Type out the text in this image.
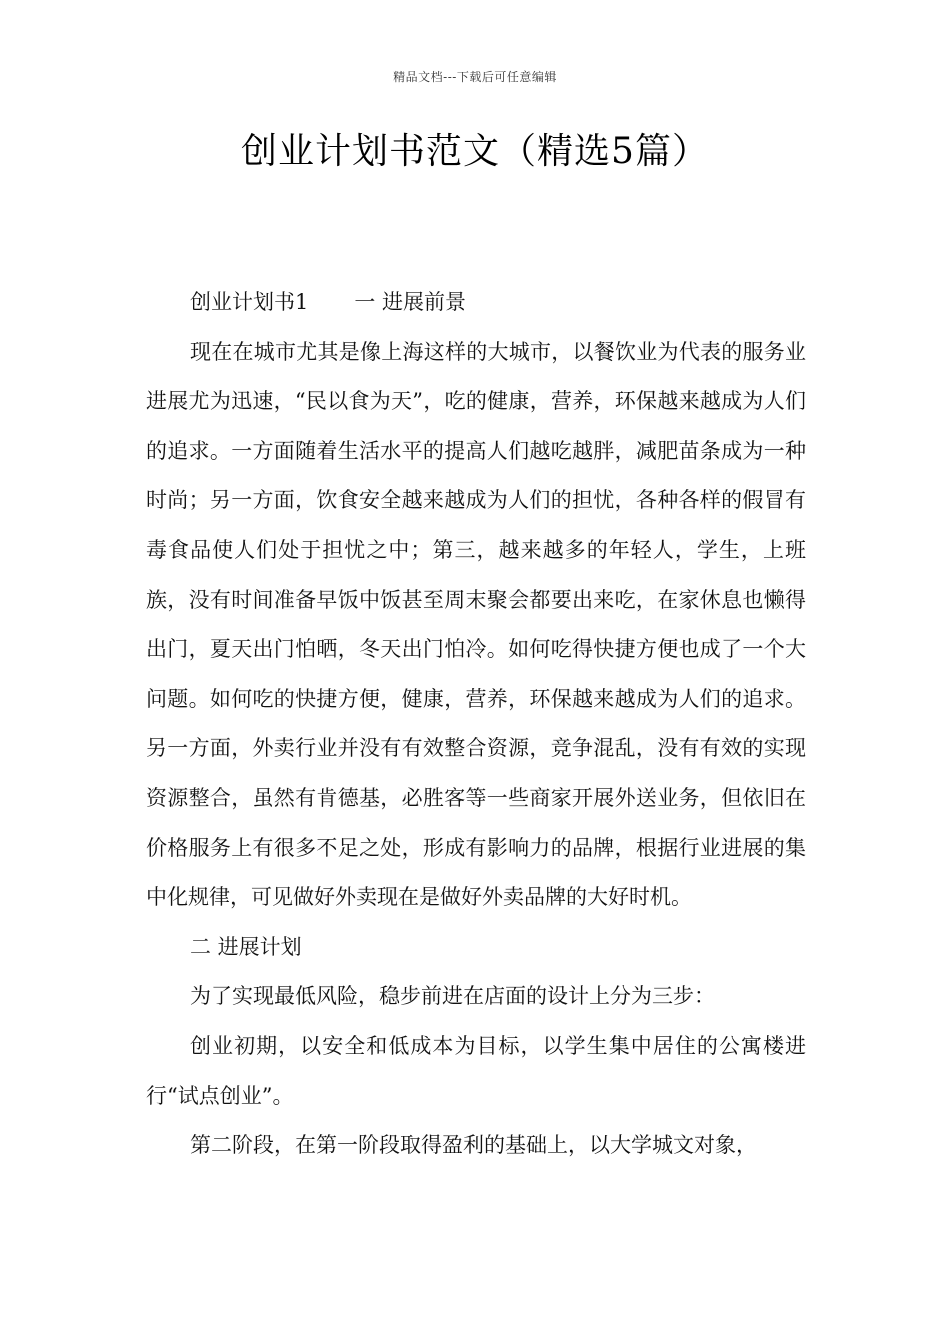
精品文档---下载后可任意编辑
创业计划书范文（精选5篇）

创业计划书1 一 进展前景

现在在城市尤其是像上海这样的大城市，以餐饮业为代表的服务业进展尤为迅速，“民以食为天”，吃的健康，营养，环保越来越成为人们的追求。一方面随着生活水平的提高人们越吃越胖，减肥苗条成为一种时尚；另一方面，饮食安全越来越成为人们的担忧，各种各样的假冒有毒食品使人们处于担忧之中；第三，越来越多的年轻人，学生，上班族，没有时间准备早饭中饭甚至周末聚会都要出来吃，在家休息也懒得出门，夏天出门怕晒，冬天出门怕冷。如何吃得快捷方便也成了一个大问题。如何吃的快捷方便，健康，营养，环保越来越成为人们的追求。另一方面，外卖行业并没有有效整合资源，竞争混乱，没有有效的实现资源整合，虽然有肯德基，必胜客等一些商家开展外送业务，但依旧在价格服务上有很多不足之处，形成有影响力的品牌，根据行业进展的集中化规律，可见做好外卖现在是做好外卖品牌的大好时机。

二 进展计划

为了实现最低风险，稳步前进在店面的设计上分为三步：

创业初期，以安全和低成本为目标，以学生集中居住的公寓楼进行“试点创业”。

第二阶段，在第一阶段取得盈利的基础上，以大学城文对象，
